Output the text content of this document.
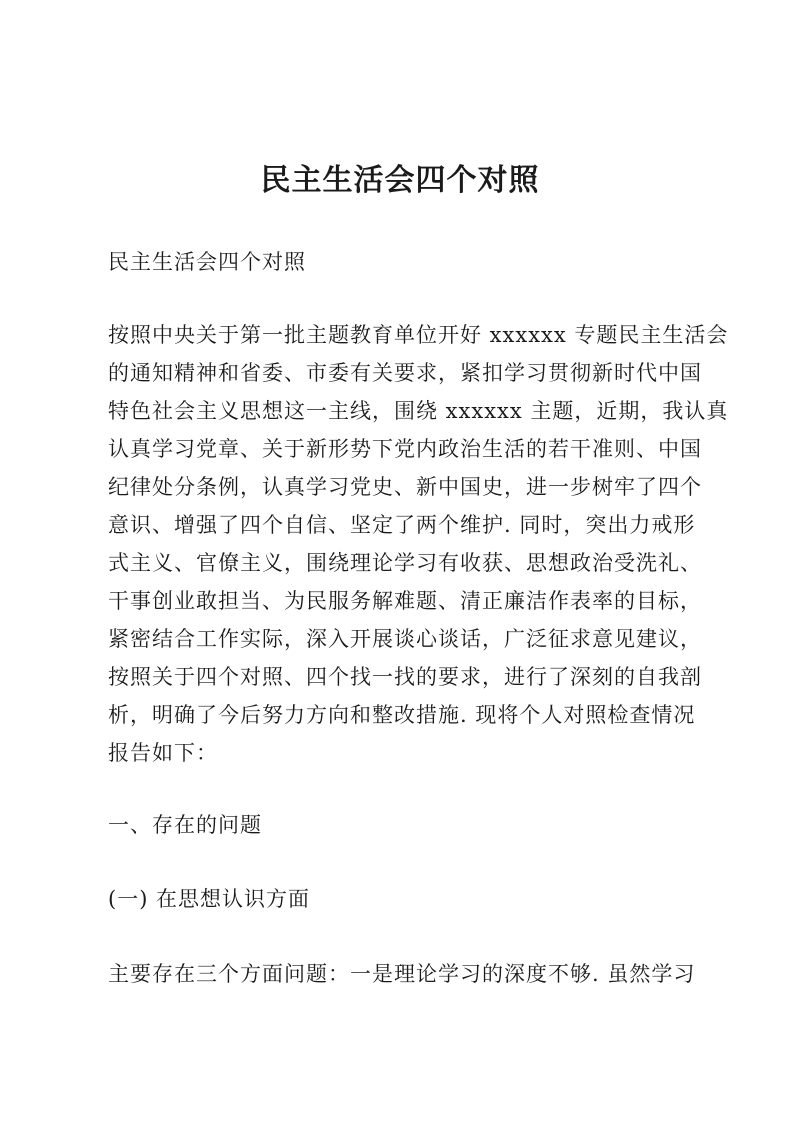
民主生活会四个对照

民主生活会四个对照

按照中央关于第一批主题教育单位开好 xxxxxx 专题民主生活会
的通知精神和省委、市委有关要求，紧扣学习贯彻新时代中国
特色社会主义思想这一主线，围绕 xxxxxx 主题，近期，我认真
认真学习党章、关于新形势下党内政治生活的若干准则、中国
纪律处分条例，认真学习党史、新中国史，进一步树牢了四个
意识、增强了四个自信、坚定了两个维护. 同时，突出力戒形
式主义、官僚主义，围绕理论学习有收获、思想政治受洗礼、
干事创业敢担当、为民服务解难题、清正廉洁作表率的目标，
紧密结合工作实际，深入开展谈心谈话，广泛征求意见建议，
按照关于四个对照、四个找一找的要求，进行了深刻的自我剖
析，明确了今后努力方向和整改措施. 现将个人对照检查情况
报告如下：

一、存在的问题

(一) 在思想认识方面

主要存在三个方面问题：一是理论学习的深度不够. 虽然学习
